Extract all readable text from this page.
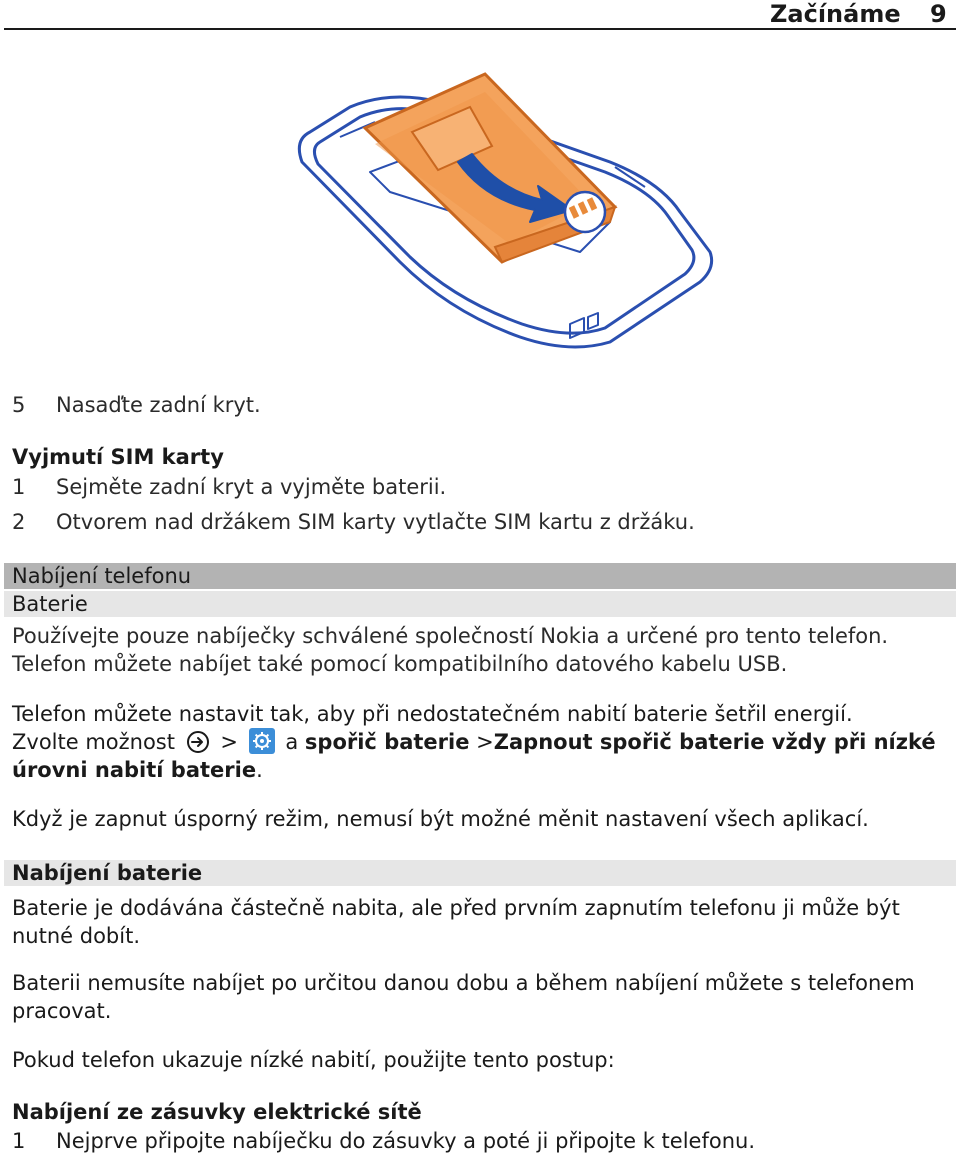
Začínáme 9
5 Nasaďte zadní kryt.
Vyjmutí SIM karty
1 Sejměte zadní kryt a vyjměte baterii.
2 Otvorem nad držákem SIM karty vytlačte SIM kartu z držáku.
Nabíjení telefonu
Baterie
Používejte pouze nabíječky schválené společností Nokia a určené pro tento telefon.
Telefon můžete nabíjet také pomocí kompatibilního datového kabelu USB.
Telefon můžete nastavit tak, aby při nedostatečném nabití baterie šetřil energií.
Zvolte možnost > a spořič baterie >Zapnout spořič baterie vždy při nízké
úrovni nabití baterie.
Když je zapnut úsporný režim, nemusí být možné měnit nastavení všech aplikací.
Nabíjení baterie
Baterie je dodávána částečně nabita, ale před prvním zapnutím telefonu ji může být
nutné dobít.
Baterii nemusíte nabíjet po určitou danou dobu a během nabíjení můžete s telefonem
pracovat.
Pokud telefon ukazuje nízké nabití, použijte tento postup:
Nabíjení ze zásuvky elektrické sítě
1 Nejprve připojte nabíječku do zásuvky a poté ji připojte k telefonu.
